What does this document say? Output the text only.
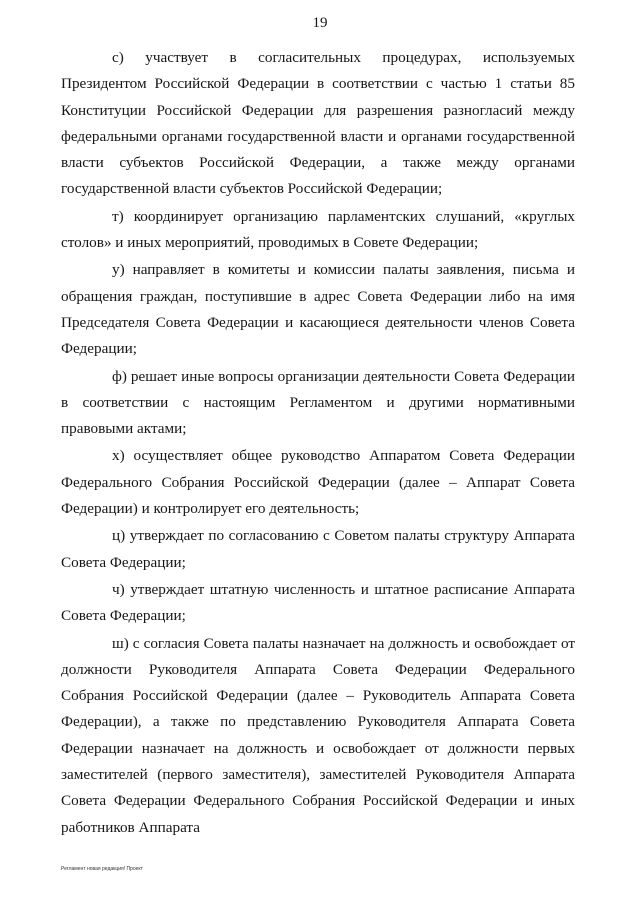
19

с) участвует в согласительных процедурах, используемых Президентом Российской Федерации в соответствии с частью 1 статьи 85 Конституции Российской Федерации для разрешения разногласий между федеральными органами государственной власти и органами государственной власти субъектов Российской Федерации, а также между органами государственной власти субъектов Российской Федерации;

т) координирует организацию парламентских слушаний, «круглых столов» и иных мероприятий, проводимых в Совете Федерации;

у) направляет в комитеты и комиссии палаты заявления, письма и обращения граждан, поступившие в адрес Совета Федерации либо на имя Председателя Совета Федерации и касающиеся деятельности членов Совета Федерации;

ф) решает иные вопросы организации деятельности Совета Федерации в соответствии с настоящим Регламентом и другими нормативными правовыми актами;

х) осуществляет общее руководство Аппаратом Совета Федерации Федерального Собрания Российской Федерации (далее – Аппарат Совета Федерации) и контролирует его деятельность;

ц) утверждает по согласованию с Советом палаты структуру Аппарата Совета Федерации;

ч) утверждает штатную численность и штатное расписание Аппарата Совета Федерации;

ш) с согласия Совета палаты назначает на должность и освобождает от должности Руководителя Аппарата Совета Федерации Федерального Собрания Российской Федерации (далее – Руководитель Аппарата Совета Федерации), а также по представлению Руководителя Аппарата Совета Федерации назначает на должность и освобождает от должности первых заместителей (первого заместителя), заместителей Руководителя Аппарата Совета Федерации Федерального Собрания Российской Федерации и иных работников Аппарата

Регламент новая редакция! Проект
